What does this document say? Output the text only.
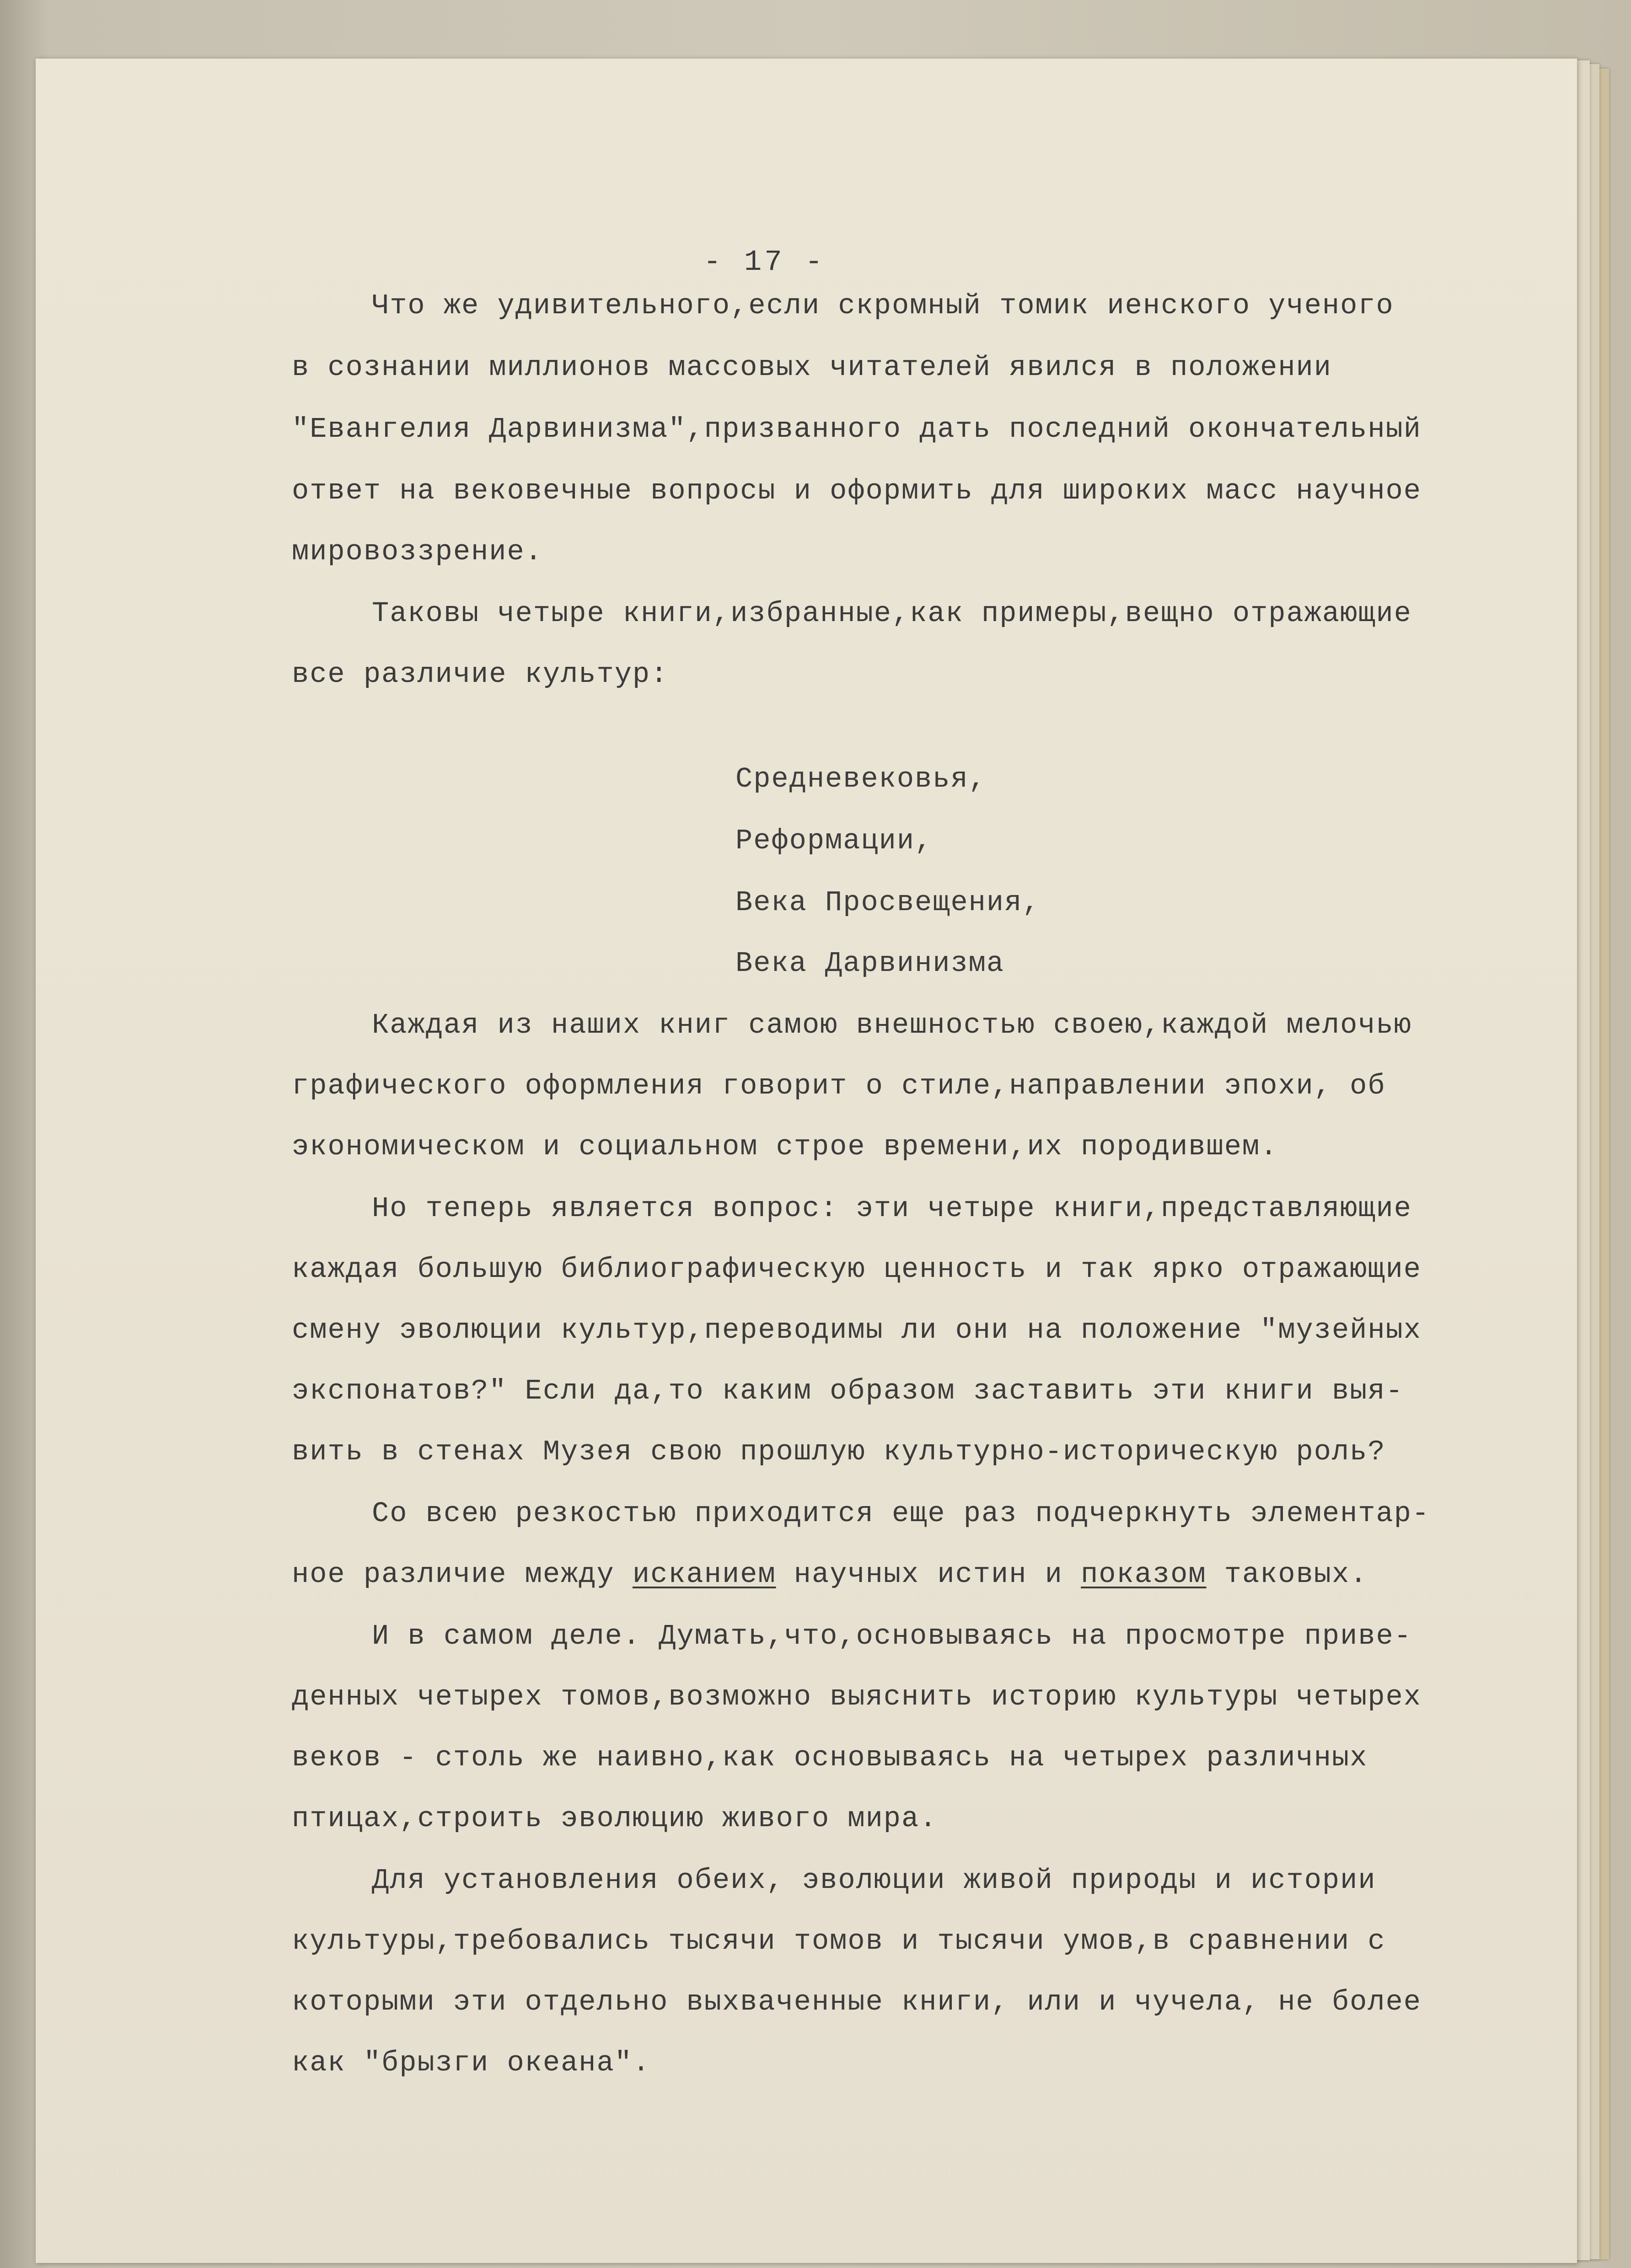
- 17 -
Что же удивительного,если скромный томик иенского ученого
в сознании миллионов массовых читателей явился в положении
"Евангелия Дарвинизма",призванного дать последний окончательный
ответ на вековечные вопросы и оформить для широких масс научное
мировоззрение.
Таковы четыре книги,избранные,как примеры,вещно отражающие
все различие культур:
Средневековья,
Реформации,
Века Просвещения,
Века Дарвинизма
Каждая из наших книг самою внешностью своею,каждой мелочью
графического оформления говорит о стиле,направлении эпохи, об
экономическом и социальном строе времени,их породившем.
Но теперь является вопрос: эти четыре книги,представляющие
каждая большую библиографическую ценность и так ярко отражающие
смену эволюции культур,переводимы ли они на положение "музейных
экспонатов?" Если да,то каким образом заставить эти книги выя-
вить в стенах Музея свою прошлую культурно-историческую роль?
Со всею резкостью приходится еще раз подчеркнуть элементар-
ное различие между исканием научных истин и показом таковых.
И в самом деле. Думать,что,основываясь на просмотре приве-
денных четырех томов,возможно выяснить историю культуры четырех
веков - столь же наивно,как основываясь на четырех различных
птицах,строить эволюцию живого мира.
Для установления обеих, эволюции живой природы и истории
культуры,требовались тысячи томов и тысячи умов,в сравнении с
которыми эти отдельно выхваченные книги, или и чучела, не более
как "брызги океана".
